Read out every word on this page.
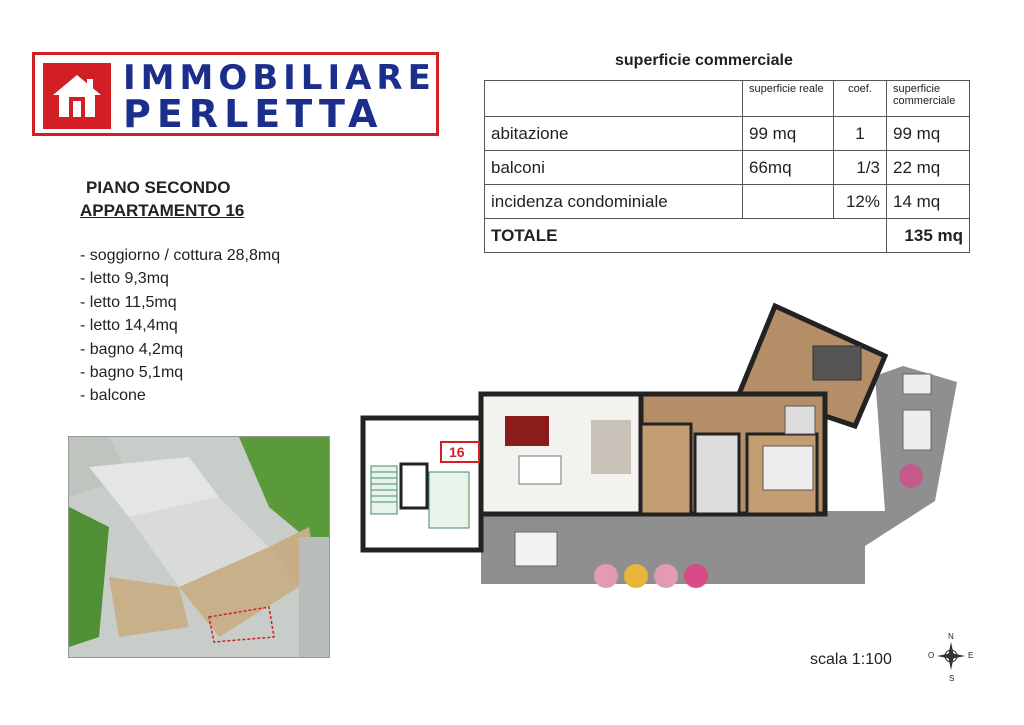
IMMOBILIARE
PERLETTA
PIANO SECONDO
APPARTAMENTO 16
- soggiorno / cottura 28,8mq
- letto 9,3mq
- letto 11,5mq
- letto 14,4mq
- bagno 4,2mq
- bagno 5,1mq
- balcone
superficie commerciale
	superficie reale	coef.	superficie commerciale
abitazione	99 mq	1	99 mq
balconi	66mq	1/3	22 mq
incidenza condominiale		12%	14 mq
TOTALE			135 mq
16
scala 1:100
N
E
S
O
